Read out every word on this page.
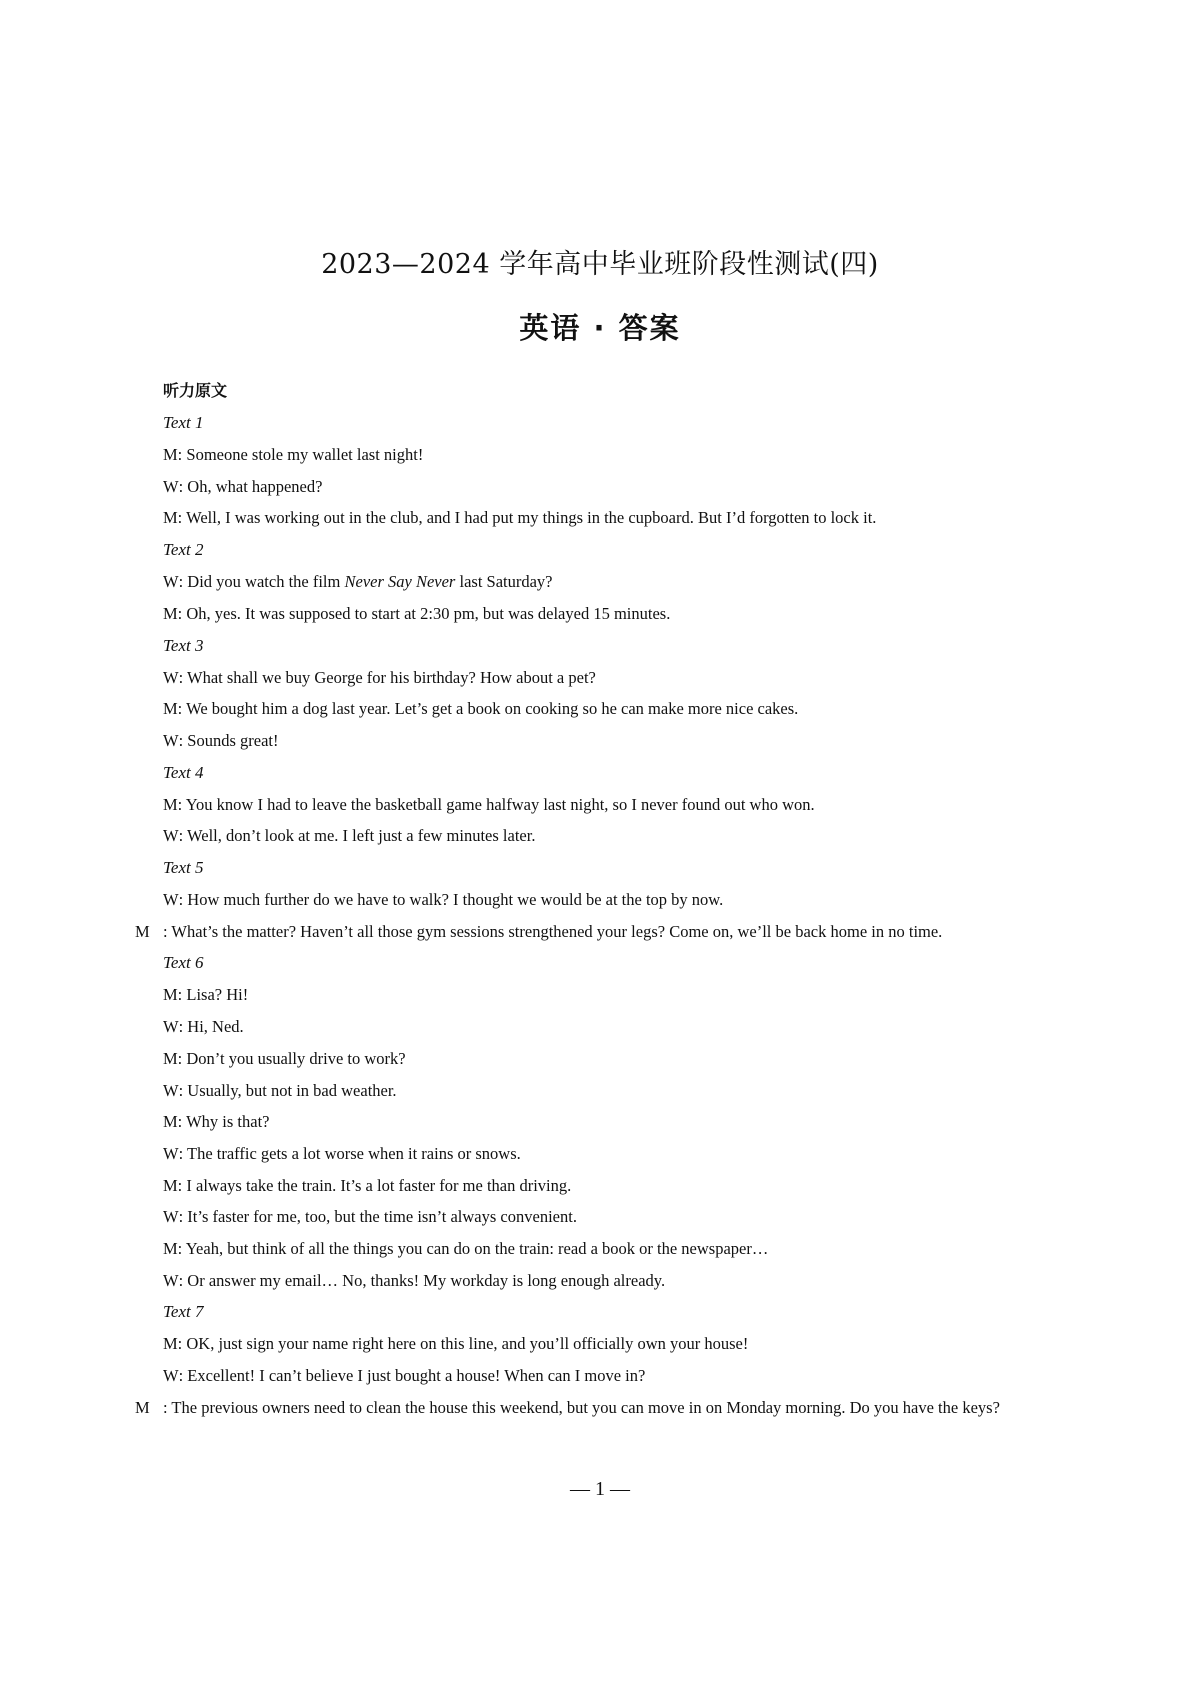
2023—2024 学年高中毕业班阶段性测试(四)
英语 · 答案
听力原文
Text 1
M: Someone stole my wallet last night!
W: Oh, what happened?
M: Well, I was working out in the club, and I had put my things in the cupboard. But I’d forgotten to lock it.
Text 2
W: Did you watch the film Never Say Never last Saturday?
M: Oh, yes. It was supposed to start at 2:30 pm, but was delayed 15 minutes.
Text 3
W: What shall we buy George for his birthday? How about a pet?
M: We bought him a dog last year. Let’s get a book on cooking so he can make more nice cakes.
W: Sounds great!
Text 4
M: You know I had to leave the basketball game halfway last night, so I never found out who won.
W: Well, don’t look at me. I left just a few minutes later.
Text 5
W: How much further do we have to walk? I thought we would be at the top by now.
M : What’s the matter? Haven’t all those gym sessions strengthened your legs? Come on, we’ll be back home in no time.
Text 6
M: Lisa? Hi!
W: Hi, Ned.
M: Don’t you usually drive to work?
W: Usually, but not in bad weather.
M: Why is that?
W: The traffic gets a lot worse when it rains or snows.
M: I always take the train. It’s a lot faster for me than driving.
W: It’s faster for me, too, but the time isn’t always convenient.
M: Yeah, but think of all the things you can do on the train: read a book or the newspaper…
W: Or answer my email… No, thanks! My workday is long enough already.
Text 7
M: OK, just sign your name right here on this line, and you’ll officially own your house!
W: Excellent! I can’t believe I just bought a house! When can I move in?
M : The previous owners need to clean the house this weekend, but you can move in on Monday morning. Do you have the keys?
— 1 —
